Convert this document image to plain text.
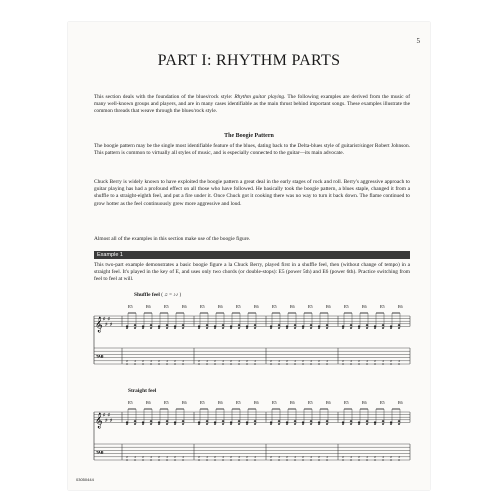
5
PART I: RHYTHM PARTS

This section deals with the foundation of the blues/rock style: Rhythm guitar playing. The following examples are derived from the music of many well-known groups and players, and are in many cases identifiable as the main thrust behind important songs. These examples illustrate the common threads that weave through the blues/rock style.

The Boogie Pattern

The boogie pattern may be the single most identifiable feature of the blues, dating back to the Delta-blues style of guitarist/singer Robert Johnson. This pattern is common to virtually all styles of music, and is especially connected to the guitar—its main advocate.

Chuck Berry is widely known to have exploited the boogie pattern a great deal in the early stages of rock and roll. Berry's aggressive approach to guitar playing has had a profound effect on all those who have followed. He basically took the boogie pattern, a blues staple, changed it from a shuffle to a straight-eighth feel, and put a fire under it. Once Chuck got it cooking there was no way to turn it back down. The flame continued to grow hotter as the feel continuously grew more aggressive and loud.

Almost all of the examples in this section make use of the boogie figure.

Example 1

This two-part example demonstrates a basic boogie figure a la Chuck Berry, played first in a shuffle feel, then (without change of tempo) in a straight feel. It's played in the key of E, and uses only two chords (or double-stops): E5 (power 5th) and E6 (power 6th). Practice switching from feel to feel at will.

Shuffle feel ( ♫ = ♪♪ )
E5	E6	E5	E6	E5	E6	E5	E6	E5	E6	E5	E6	E5	E6	E5	E6
𝄞 ♯
♯
♯
♯
TAB
2
0
4
0
2
0
4
0
2
0
4
0
2
0
4
0
2
0
4
0
2
0
4
0
2
0
4
0
2
0
4
0
2
0
4
0
2
0
4
0
2
0
4
0
2
0
4
0
2
0
4
0
2
0
4
0
2
0
4
0
2
0
4
0
Straight feel
E5	E6	E5	E6	E5	E6	E5	E6	E5	E6	E5	E6	E5	E6	E5	E6
𝄞 ♯
♯
♯
♯
TAB
2
0
4
0
2
0
4
0
2
0
4
0
2
0
4
0
2
0
4
0
2
0
4
0
2
0
4
0
2
0
4
0
2
0
4
0
2
0
4
0
2
0
4
0
2
0
4
0
2
0
4
0
2
0
4
0
2
0
4
0
2
0
4
0
03050444
